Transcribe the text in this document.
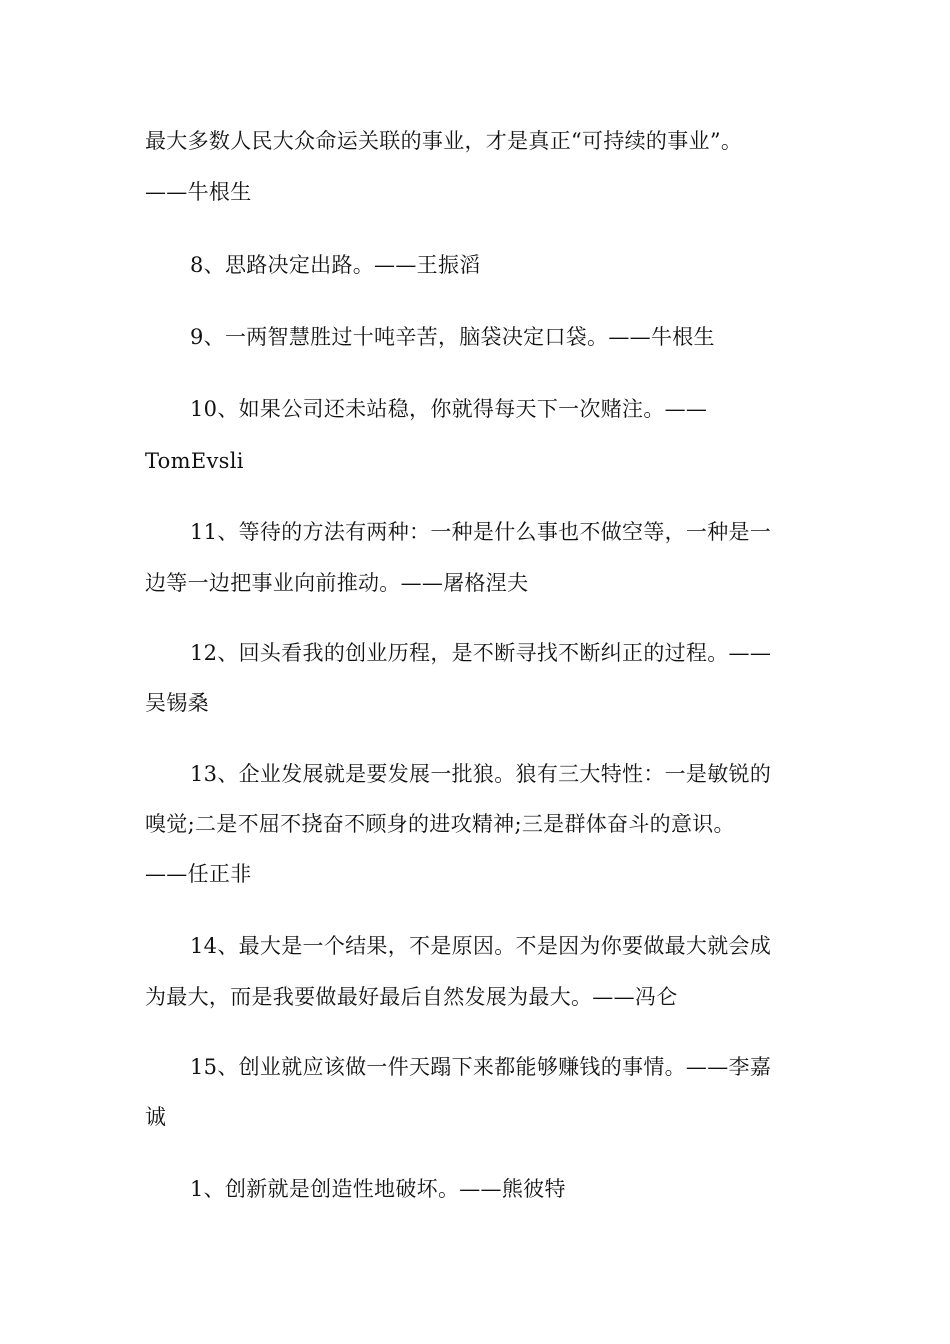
最大多数人民大众命运关联的事业，才是真正“可持续的事业”。
——牛根生
8、思路决定出路。——王振滔
9、一两智慧胜过十吨辛苦，脑袋决定口袋。——牛根生
10、如果公司还未站稳，你就得每天下一次赌注。——
TomEvsli
11、等待的方法有两种：一种是什么事也不做空等，一种是一
边等一边把事业向前推动。——屠格涅夫
12、回头看我的创业历程，是不断寻找不断纠正的过程。——
吴锡桑
13、企业发展就是要发展一批狼。狼有三大特性：一是敏锐的
嗅觉;二是不屈不挠奋不顾身的进攻精神;三是群体奋斗的意识。
——任正非
14、最大是一个结果，不是原因。不是因为你要做最大就会成
为最大，而是我要做最好最后自然发展为最大。——冯仑
15、创业就应该做一件天蹋下来都能够赚钱的事情。——李嘉
诚
1、创新就是创造性地破坏。——熊彼特
